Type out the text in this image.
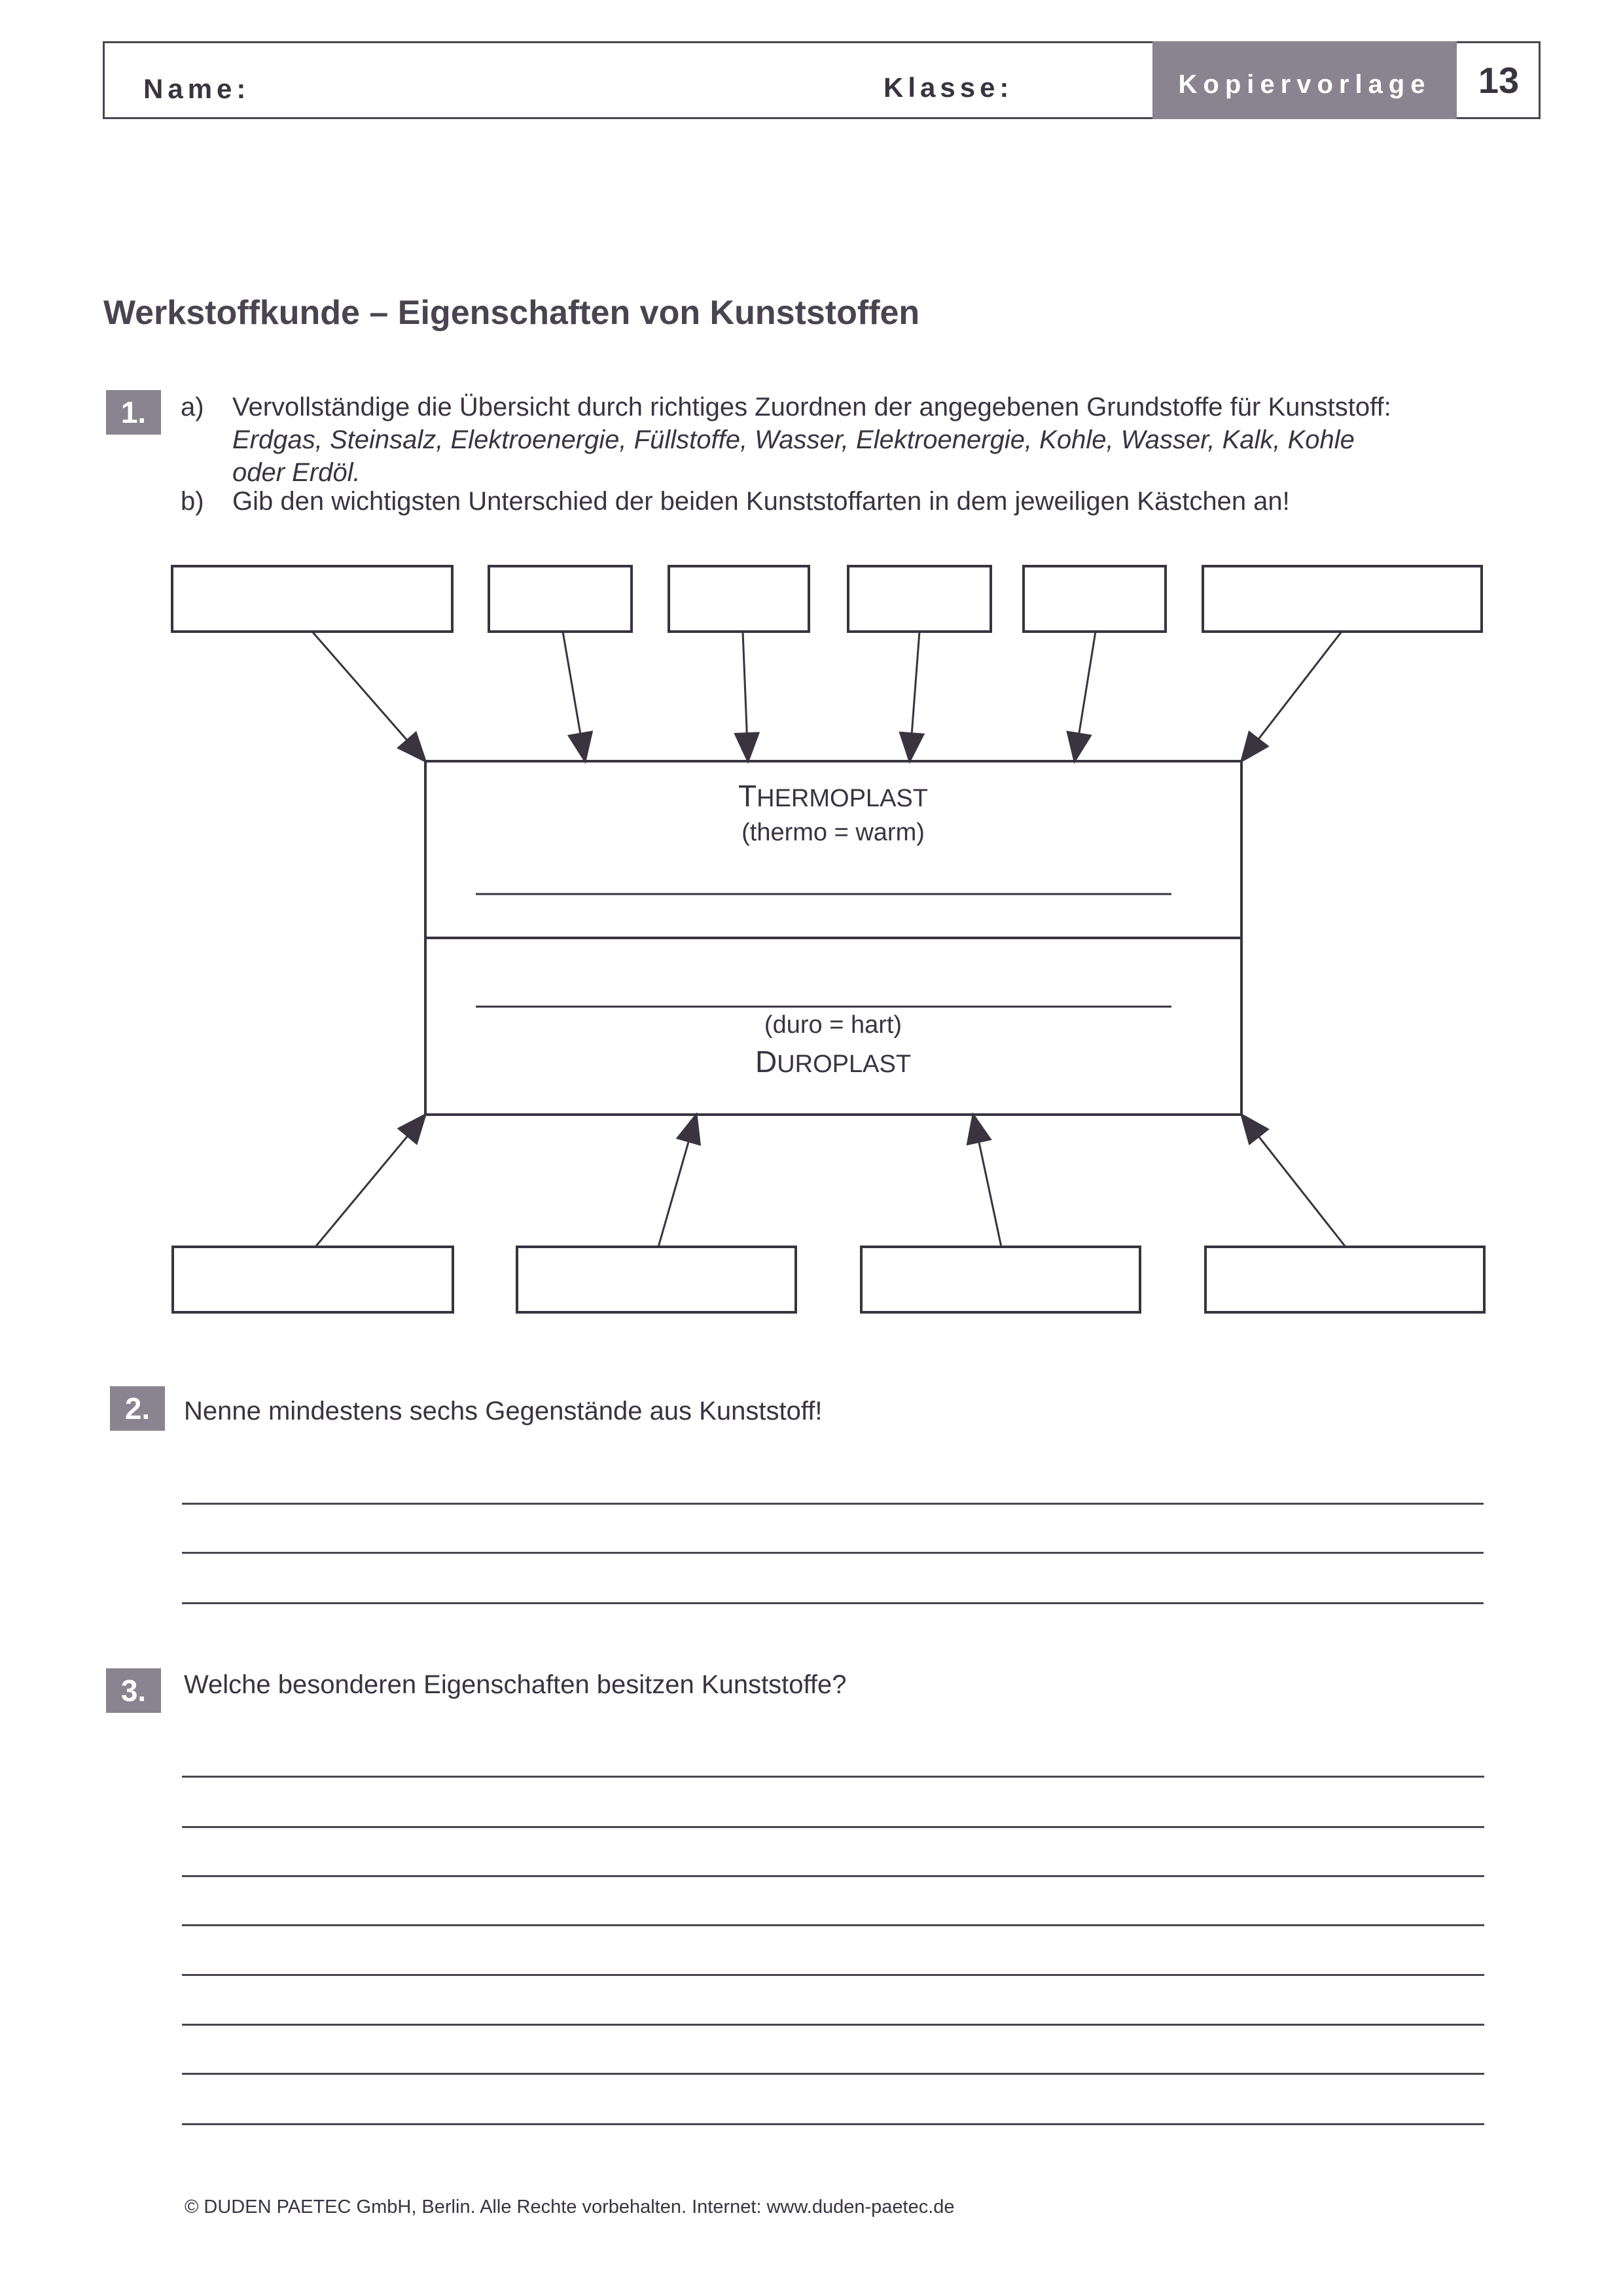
Name:	Klasse:	Kopiervorlage	13
Werkstoffkunde – Eigenschaften von Kunststoffen
1.	a) Vervollständige die Übersicht durch richtiges Zuordnen der angegebenen Grundstoffe für Kunststoff:
Erdgas, Steinsalz, Elektroenergie, Füllstoffe, Wasser, Elektroenergie, Kohle, Wasser, Kalk, Kohle
oder Erdöl.
b) Gib den wichtigsten Unterschied der beiden Kunststoffarten in dem jeweiligen Kästchen an!
THERMOPLAST
(thermo = warm)
(duro = hart)
DUROPLAST
2.	Nenne mindestens sechs Gegenstände aus Kunststoff!
3.	Welche besonderen Eigenschaften besitzen Kunststoffe?
© DUDEN PAETEC GmbH, Berlin. Alle Rechte vorbehalten. Internet: www.duden-paetec.de
